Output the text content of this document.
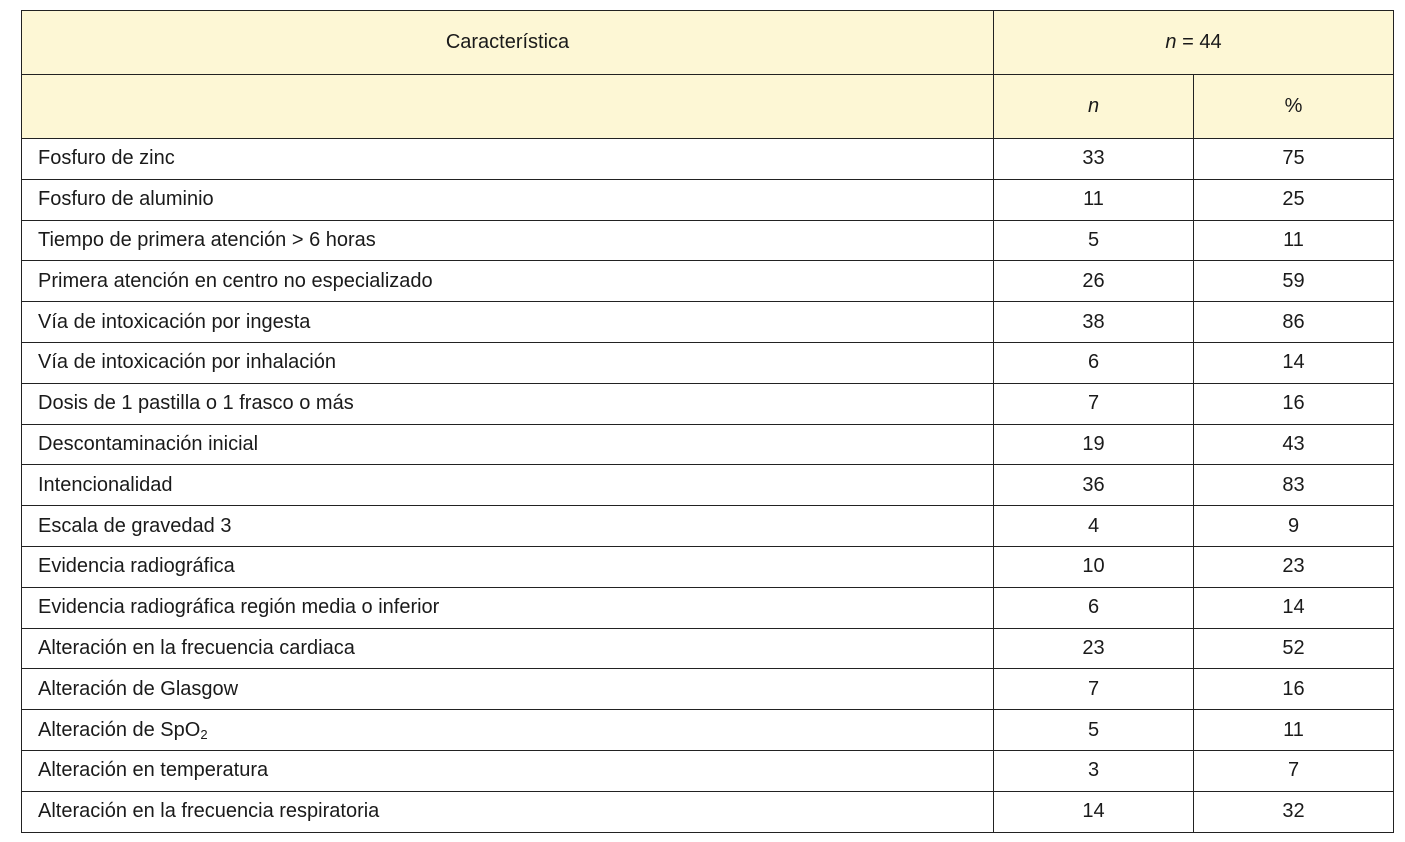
Característica	n = 44	
	n	%
Fosfuro de zinc	33	75
Fosfuro de aluminio	11	25
Tiempo de primera atención > 6 horas	5	11
Primera atención en centro no especializado	26	59
Vía de intoxicación por ingesta	38	86
Vía de intoxicación por inhalación	6	14
Dosis de 1 pastilla o 1 frasco o más	7	16
Descontaminación inicial	19	43
Intencionalidad	36	83
Escala de gravedad 3	4	9
Evidencia radiográfica	10	23
Evidencia radiográfica región media o inferior	6	14
Alteración en la frecuencia cardiaca	23	52
Alteración de Glasgow	7	16
Alteración de SpO$_2$	5	11
Alteración en temperatura	3	7
Alteración en la frecuencia respiratoria	14	32
